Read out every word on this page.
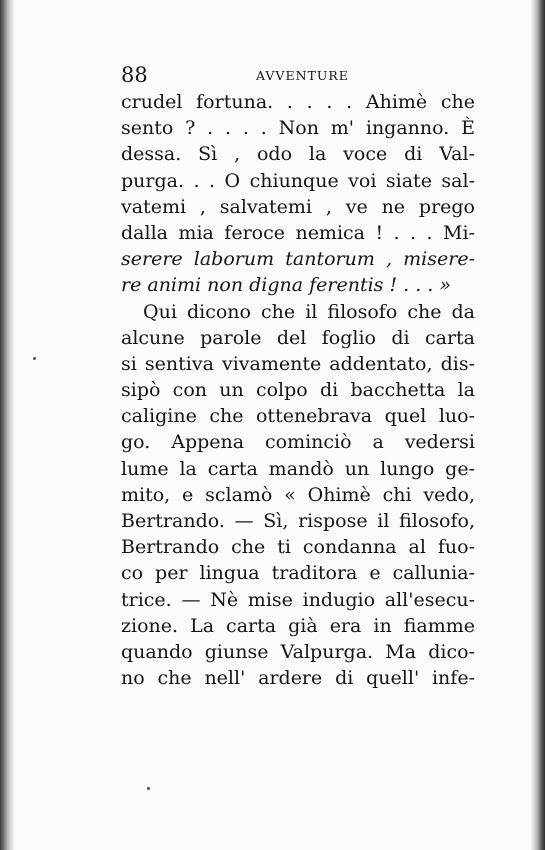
88	AVVENTURE
crudel fortuna. . . . . Ahimè che
sento ? . . . . Non m' inganno. È
dessa. Sì , odo la voce di Val-
purga. . . O chiunque voi siate sal-
vatemi , salvatemi , ve ne prego
dalla mia feroce nemica ! . . . Mi-
serere laborum tantorum , misere-
re animi non digna ferentis ! . . . »
Qui dicono che il filosofo che da
alcune parole del foglio di carta
si sentiva vivamente addentato, dis-
sipò con un colpo di bacchetta la
caligine che ottenebrava quel luo-
go. Appena cominciò a vedersi
lume la carta mandò un lungo ge-
mito, e sclamò « Ohimè chi vedo,
Bertrando. — Sì, rispose il filosofo,
Bertrando che ti condanna al fuo-
co per lingua traditora e callunia-
trice. — Nè mise indugio all'esecu-
zione. La carta già era in fiamme
quando giunse Valpurga. Ma dico-
no che nell' ardere di quell' infe-
